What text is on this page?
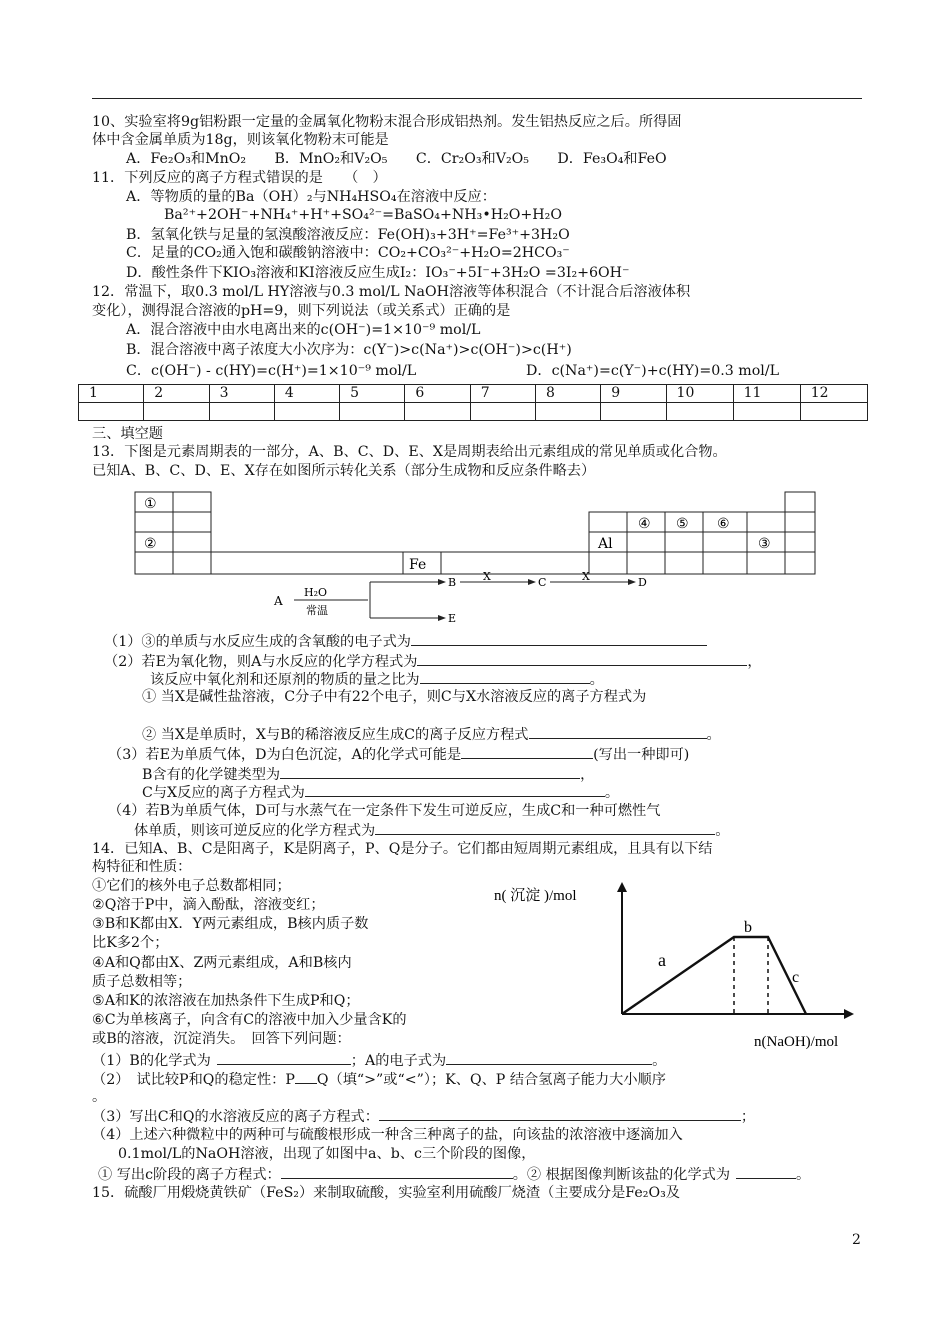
10、实验室将9g铝粉跟一定量的金属氧化物粉末混合形成铝热剂。发生铝热反应之后。所得固
体中含金属单质为18g，则该氧化物粉末可能是
A．Fe₂O₃和MnO₂　　B．MnO₂和V₂O₅　　C．Cr₂O₃和V₂O₅　　D．Fe₃O₄和FeO
11．下列反应的离子方程式错误的是　　（　）
A．等物质的量的Ba（OH）₂与NH₄HSO₄在溶液中反应：
Ba²⁺+2OH⁻+NH₄⁺+H⁺+SO₄²⁻=BaSO₄+NH₃•H₂O+H₂O
B．氢氧化铁与足量的氢溴酸溶液反应：Fe(OH)₃+3H⁺=Fe³⁺+3H₂O
C．足量的CO₂通入饱和碳酸钠溶液中：CO₂+CO₃²⁻+H₂O=2HCO₃⁻
D．酸性条件下KIO₃溶液和KI溶液反应生成I₂：IO₃⁻+5I⁻+3H₂O =3I₂+6OH⁻
12．常温下，取0.3 mol/L HY溶液与0.3 mol/L NaOH溶液等体积混合（不计混合后溶液体积
变化），测得混合溶液的pH=9，则下列说法（或关系式）正确的是
A．混合溶液中由水电离出来的c(OH⁻)=1×10⁻⁹ mol/L
B．混合溶液中离子浓度大小次序为：c(Y⁻)>c(Na⁺)>c(OH⁻)>c(H⁺)
C．c(OH⁻) - c(HY)=c(H⁺)=1×10⁻⁹ mol/L	D．c(Na⁺)=c(Y⁻)+c(HY)=0.3 mol/L
1	2	3	4	5	6	7	8	9	10	11	12

三、填空题
13．下图是元素周期表的一部分，A、B、C、D、E、X是周期表给出元素组成的常见单质或化合物。
已知A、B、C、D、E、X存在如图所示转化关系（部分生成物和反应条件略去）
①
②	③
④ ⑤ ⑥
Al
Fe
A
H₂O
常温
B X	C	X	D
E
（1）③的单质与水反应生成的含氧酸的电子式为
（2）若E为氧化物，则A与水反应的化学方程式为	，
该反应中氧化剂和还原剂的物质的量之比为	。
① 当X是碱性盐溶液，C分子中有22个电子，则C与X水溶液反应的离子方程式为
② 当X是单质时，X与B的稀溶液反应生成C的离子反应方程式	。
（3）若E为单质气体，D为白色沉淀，A的化学式可能是	(写出一种即可)
B含有的化学键类型为	，
C与X反应的离子方程式为	。
（4）若B为单质气体，D可与水蒸气在一定条件下发生可逆反应，生成C和一种可燃性气
体单质，则该可逆反应的化学方程式为	。
14．已知A、B、C是阳离子，K是阴离子，P、Q是分子。它们都由短周期元素组成，且具有以下结
构特征和性质：
①它们的核外电子总数都相同；
②Q溶于P中，滴入酚酞，溶液变红；
③B和K都由X．Y两元素组成，B核内质子数
比K多2个；
④A和Q都由X、Z两元素组成，A和B核内
质子总数相等；
⑤A和K的浓溶液在加热条件下生成P和Q；
⑥C为单核离子，向含有C的溶液中加入少量含K的
或B的溶液，沉淀消失。　回答下列问题：
n( 沉淀 )/mol
a
b
c
n(NaOH)/mol
（1）B的化学式为	；A的电子式为	。
（2）　试比较P和Q的稳定性：P Q（填“>”或“<”）；K、Q、P 结合氢离子能力大小顺序
。
（3）写出C和Q的水溶液反应的离子方程式：	；
（4）上述六种微粒中的两种可与硫酸根形成一种含三种离子的盐，向该盐的浓溶液中逐滴加入
0.1mol/L的NaOH溶液，出现了如图中a、b、c三个阶段的图像，
① 写出c阶段的离子方程式：	。② 根据图像判断该盐的化学式为	。
15．硫酸厂用煅烧黄铁矿（FeS₂）来制取硫酸，实验室利用硫酸厂烧渣（主要成分是Fe₂O₃及
2
